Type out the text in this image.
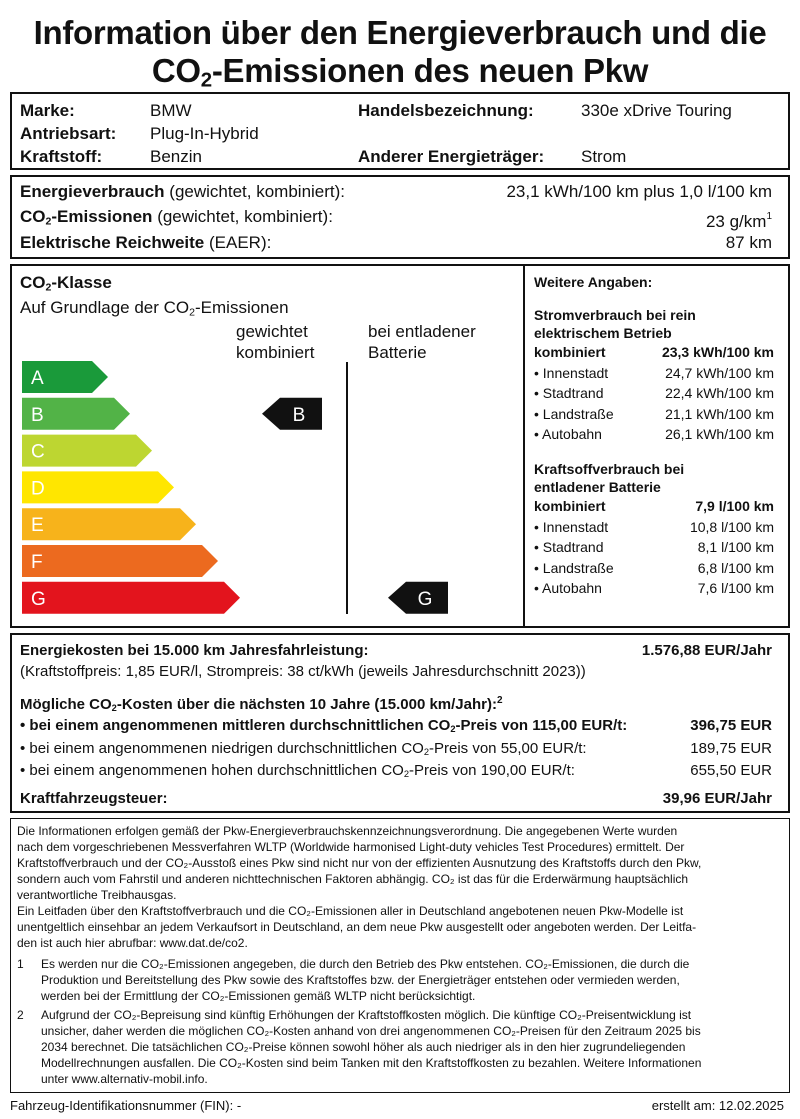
Information über den Energieverbrauch und die
$CO_2$-Emissionen des neuen Pkw
Marke:	BMW
Antriebsart: Plug-In-Hybrid
Kraftstoff:	Benzin
Handelsbezeichnung:	330e xDrive Touring
Anderer Energieträger: Strom
Energieverbrauch (gewichtet, kombiniert):	23,1 kWh/100 km plus 1,0 l/100 km
$CO_2$-Emissionen (gewichtet, kombiniert):	23 $g/km^1$
Elektrische Reichweite (EAER):	87 km
$CO_2$-Klasse
Auf Grundlage der $CO_2$-Emissionen
gewichtet
kombiniert
bei entladener
Batterie
A
B
C
D
E
F
G
B
G
Weitere Angaben:
Stromverbrauch bei rein
elektrischem Betrieb
kombiniert	23,3 kWh/100 km
• Innenstadt	24,7 kWh/100 km
• Stadtrand	22,4 kWh/100 km
• Landstraße	21,1 kWh/100 km
• Autobahn	26,1 kWh/100 km
Kraftsoffverbrauch bei
entladener Batterie
kombiniert	7,9 l/100 km
• Innenstadt	10,8 l/100 km
• Stadtrand	8,1 l/100 km
• Landstraße	6,8 l/100 km
• Autobahn	7,6 l/100 km
Energiekosten bei 15.000 km Jahresfahrleistung:	1.576,88 EUR/Jahr
(Kraftstoffpreis: 1,85 EUR/l, Strompreis: 38 ct/kWh (jeweils Jahresdurchschnitt 2023))
Mögliche $CO_2$-Kosten über die nächsten 10 Jahre (15.000 km/Jahr):$^2$
• bei einem angenommenen mittleren durchschnittlichen $CO_2$-Preis von 115,00 EUR/t:	396,75 EUR
• bei einem angenommenen niedrigen durchschnittlichen $CO_2$-Preis von 55,00 EUR/t:	189,75 EUR
• bei einem angenommenen hohen durchschnittlichen $CO_2$-Preis von 190,00 EUR/t:	655,50 EUR
Kraftfahrzeugsteuer:	39,96 EUR/Jahr
Die Informationen erfolgen gemäß der Pkw-Energieverbrauchskennzeichnungsverordnung. Die angegebenen Werte wurden
nach dem vorgeschriebenen Messverfahren WLTP (Worldwide harmonised Light-duty vehicles Test Procedures) ermittelt. Der
Kraftstoffverbrauch und der CO₂-Ausstoß eines Pkw sind nicht nur von der effizienten Ausnutzung des Kraftstoffs durch den Pkw,
sondern auch vom Fahrstil und anderen nichttechnischen Faktoren abhängig. CO₂ ist das für die Erderwärmung hauptsächlich
verantwortliche Treibhausgas.
Ein Leitfaden über den Kraftstoffverbrauch und die CO₂-Emissionen aller in Deutschland angebotenen neuen Pkw-Modelle ist
unentgeltlich einsehbar an jedem Verkaufsort in Deutschland, an dem neue Pkw ausgestellt oder angeboten werden. Der Leitfa-
den ist auch hier abrufbar: www.dat.de/co2.
1 Es werden nur die CO₂-Emissionen angegeben, die durch den Betrieb des Pkw entstehen. CO₂-Emissionen, die durch die
Produktion und Bereitstellung des Pkw sowie des Kraftstoffes bzw. der Energieträger entstehen oder vermieden werden,
werden bei der Ermittlung der CO₂-Emissionen gemäß WLTP nicht berücksichtigt.
2 Aufgrund der CO₂-Bepreisung sind künftig Erhöhungen der Kraftstoffkosten möglich. Die künftige CO₂-Preisentwicklung ist
unsicher, daher werden die möglichen CO₂-Kosten anhand von drei angenommenen CO₂-Preisen für den Zeitraum 2025 bis
2034 berechnet. Die tatsächlichen CO₂-Preise können sowohl höher als auch niedriger als in den hier zugrundeliegenden
Modellrechnungen ausfallen. Die CO₂-Kosten sind beim Tanken mit den Kraftstoffkosten zu bezahlen. Weitere Informationen
unter www.alternativ-mobil.info.
Fahrzeug-Identifikationsnummer (FIN): -	erstellt am: 12.02.2025
